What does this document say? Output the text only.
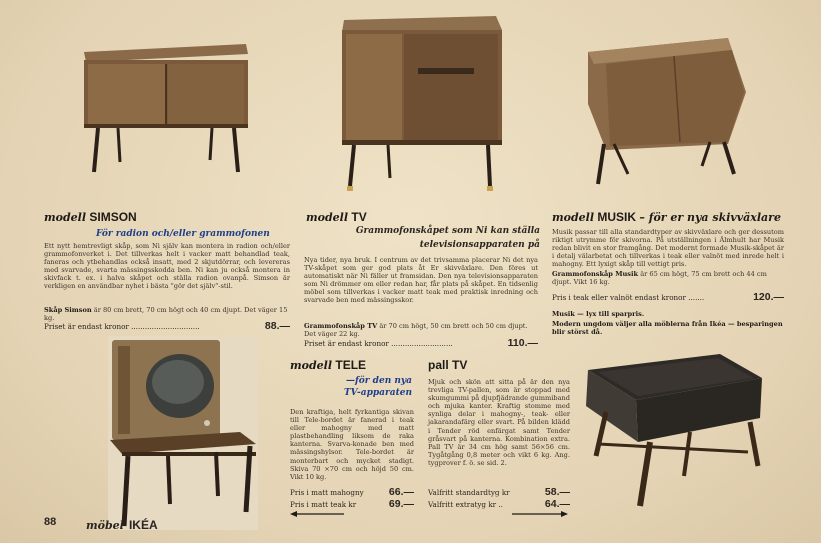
modell SIMSON
För radion och/eller grammofonen

Ett nytt hemtrevligt skåp, som Ni själv kan montera in radion och/eller grammofonverket i. Det tillverkas helt i vacker matt behandlad teak, faneras och ytbehandlas också insatt, med 2 skjutdörrar, och levereras med svarvade, svarta mässingsskodda ben. Ni kan ju också montera in skivfack t. ex. i halva skåpet och ställa radion ovanpå. Simson är verkligen en användbar nyhet i bästa "gör det själv"-stil.

Skåp Simson är 80 cm brett, 70 cm högt och 40 cm djupt. Det väger 15 kg.

Priset är endast kronor ..............................	88.—
modell TV
Grammofonskåpet som Ni kan ställa
televisionsapparaten på

Nya tider, nya bruk. I centrum av det trivsamma placerar Ni det nya TV-skåpet som ger god plats åt Er skivväxlare. Den föres ut automatiskt när Ni fäller ut framsidan. Den nya televisionsapparaten som Ni drömmer om eller redan har, får plats på skåpet. En tidsenlig möbel som tillverkas i vacker matt teak med praktisk inredning och svarvade ben med mässingsskor.

Grammofonskåp TV är 70 cm högt, 50 cm brett och 50 cm djupt. Det väger 22 kg.

Priset är endast kronor ...........................	110.—
modell MUSIK – för er nya skivväxlare

Musik passar till alla standardtyper av skivväxlare och ger dessutom riktigt utrymme för skivorna. På utställningen i Älmhult har Musik redan blivit en stor framgång. Det modernt formade Musik-skåpet är i detalj välarbetat och tillverkas i teak eller valnöt med inrede helt i mahogny. Ett lyxigt skåp till vettigt pris.

Grammofonskåp Musik är 65 cm högt, 75 cm brett och 44 cm djupt. Vikt 16 kg.

Pris i teak eller valnöt endast kronor .......	120.—

Musik — lyx till sparpris.

Modern ungdom väljer alla möblerna från Ikéa — besparingen blir störst då.

modell TELE
—för den nya
TV-apparaten

Den kraftiga, helt fyrkantiga skivan till Tele-bordet är fanerad i teak eller mahogny med matt plastbehandling liksom de raka kanterna. Svarva-konade ben med mässingshylsor. Tele-bordet är monterbart och mycket stadigt. Skiva 70 ×70 cm och höjd 50 cm. Vikt 10 kg.

Pris i matt mahogny	66.—
Pris i matt teak kr	69.—
pall TV

Mjuk och skön att sitta på är den nya trevliga TV-pallen, som är stoppad med skumgummi på djupfjädrande gummiband och mjuka kanter. Kraftig stomme med synliga delar i mahogny-, teak- eller jakarandafärg eller svart. På bilden klädd i Tender röd enfärgat samt Tender gråsvart på kanterna. Kombination extra. Pall TV är 34 cm hög samt 56×56 cm. Tygåtgång 0,8 meter och vikt 6 kg. Ang. tygprover f. ö. se sid. 2.

Valfritt standardtyg kr	58.—
Valfritt extratyg kr ..	64.—
88	möbel IKÉA
